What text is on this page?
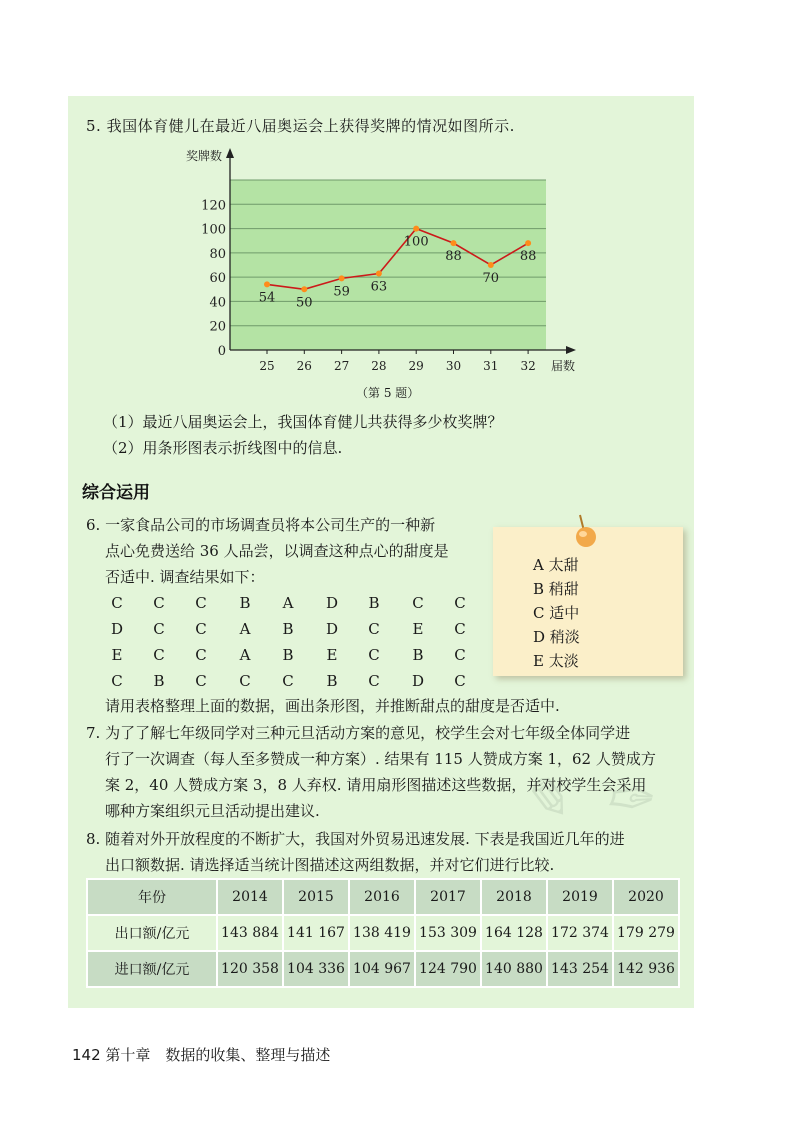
5. 我国体育健儿在最近八届奥运会上获得奖牌的情况如图所示.
0
20
40
60
80
100
120
25 26 27 28 29 30 31 32
奖牌数
届数
54 50
59 63
100
88
70
88
（第 5 题）
（1）最近八届奥运会上，我国体育健儿共获得多少枚奖牌？
（2）用条形图表示折线图中的信息.
综合运用
6. 一家食品公司的市场调查员将本公司生产的一种新
点心免费送给 36 人品尝，以调查这种点心的甜度是
否适中. 调查结果如下：
C C C B	A	D B C C
D C C	A	B D C	E	C
E	C C	A	B	E	C B C
C B C C C B C D C
请用表格整理上面的数据，画出条形图，并推断甜点的甜度是否适中.
A 太甜
B 稍甜
C 适中
D 稍淡
E 太淡
✎ ✑
7. 为了了解七年级同学对三种元旦活动方案的意见，校学生会对七年级全体同学进
行了一次调查（每人至多赞成一种方案）. 结果有 115 人赞成方案 1，62 人赞成方
案 2，40 人赞成方案 3，8 人弃权. 请用扇形图描述这些数据，并对校学生会采用
哪种方案组织元旦活动提出建议.
8. 随着对外开放程度的不断扩大，我国对外贸易迅速发展. 下表是我国近几年的进
出口额数据. 请选择适当统计图描述这两组数据，并对它们进行比较.
年份	2014	2015	2016	2017	2018	2019	2020
出口额/亿元	143 884	141 167	138 419	153 309	164 128	172 374	179 279
进口额/亿元	120 358	104 336	104 967	124 790	140 880	143 254	142 936
142 第十章　数据的收集、整理与描述
